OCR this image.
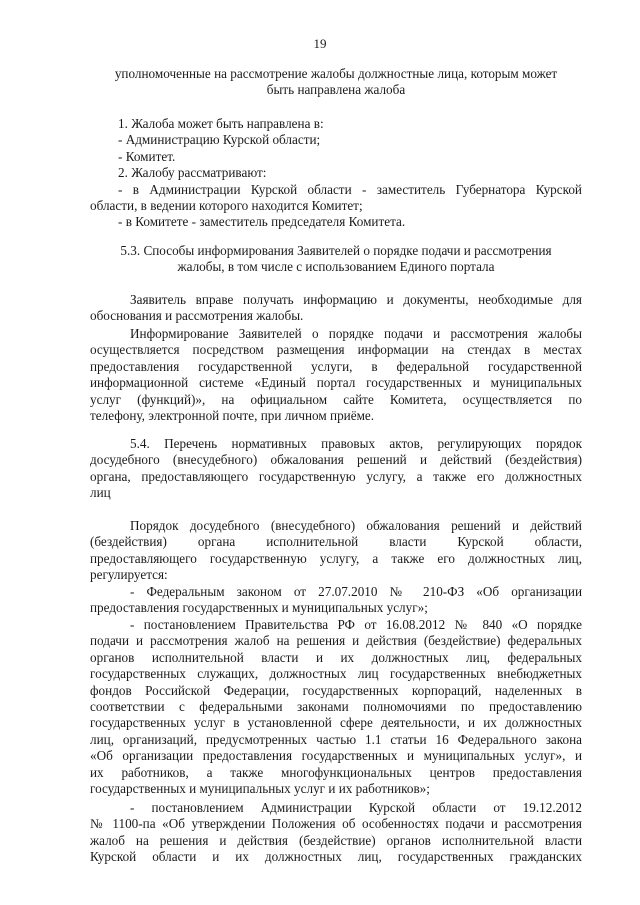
19
уполномоченные на рассмотрение жалобы должностные лица, которым может
быть направлена жалоба
1. Жалоба может быть направлена в:
- Администрацию Курской области;
- Комитет.
2. Жалобу рассматривают:
- в Администрации Курской области - заместитель Губернатора Курской
области, в ведении которого находится Комитет;
- в Комитете - заместитель председателя Комитета.
5.3. Способы информирования Заявителей о порядке подачи и рассмотрения
жалобы, в том числе с использованием Единого портала
Заявитель вправе получать информацию и документы, необходимые для
обоснования и рассмотрения жалобы.
Информирование Заявителей о порядке подачи и рассмотрения жалобы
осуществляется посредством размещения информации на стендах в местах
предоставления государственной услуги, в федеральной государственной
информационной системе «Единый портал государственных и муниципальных
услуг (функций)», на официальном сайте Комитета, осуществляется по
телефону, электронной почте, при личном приёме.
5.4. Перечень нормативных правовых актов, регулирующих порядок
досудебного (внесудебного) обжалования решений и действий (бездействия)
органа, предоставляющего государственную услугу, а также его должностных
лиц
Порядок досудебного (внесудебного) обжалования решений и действий
(бездействия) органа исполнительной власти Курской области,
предоставляющего государственную услугу, а также его должностных лиц,
регулируется:
- Федеральным законом от 27.07.2010 № 210-ФЗ «Об организации
предоставления государственных и муниципальных услуг»;
- постановлением Правительства РФ от 16.08.2012 № 840 «О порядке
подачи и рассмотрения жалоб на решения и действия (бездействие) федеральных
органов исполнительной власти и их должностных лиц, федеральных
государственных служащих, должностных лиц государственных внебюджетных
фондов Российской Федерации, государственных корпораций, наделенных в
соответствии с федеральными законами полномочиями по предоставлению
государственных услуг в установленной сфере деятельности, и их должностных
лиц, организаций, предусмотренных частью 1.1 статьи 16 Федерального закона
«Об организации предоставления государственных и муниципальных услуг», и
их работников, а также многофункциональных центров предоставления
государственных и муниципальных услуг и их работников»;
- постановлением Администрации Курской области от 19.12.2012
№ 1100-па «Об утверждении Положения об особенностях подачи и рассмотрения
жалоб на решения и действия (бездействие) органов исполнительной власти
Курской области и их должностных лиц, государственных гражданских
